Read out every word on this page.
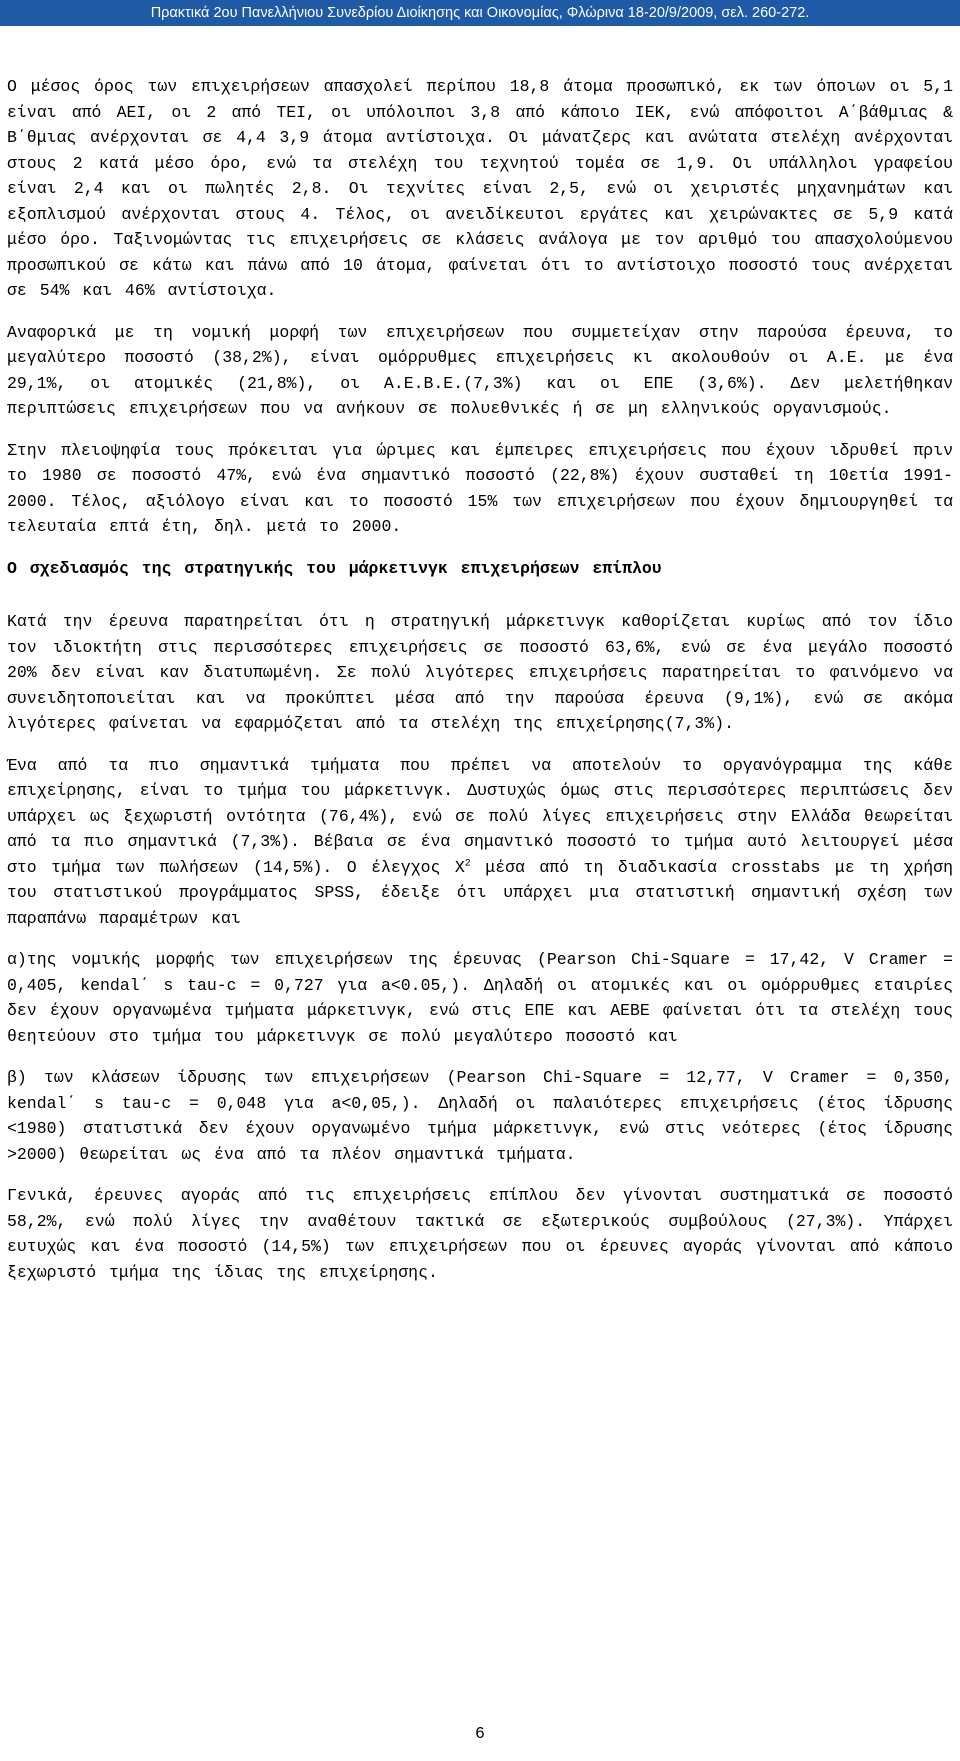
Πρακτικά 2ου Πανελλήνιου Συνεδρίου Διοίκησης και Οικονομίας, Φλώρινα 18-20/9/2009, σελ. 260-272.

Ο μέσος όρος των επιχειρήσεων απασχολεί περίπου 18,8 άτομα προσωπικό, εκ των όποιων οι 5,1 είναι από ΑΕΙ, οι 2 από ΤΕΙ, οι υπόλοιποι 3,8 από κάποιο ΙΕΚ, ενώ απόφοιτοι Α΄βάθμιας & Β΄θμιας ανέρχονται σε 4,4 3,9 άτομα αντίστοιχα. Οι μάνατζερς και ανώτατα στελέχη ανέρχονται στους 2 κατά μέσο όρο, ενώ τα στελέχη του τεχνητού τομέα σε 1,9. Οι υπάλληλοι γραφείου είναι 2,4 και οι πωλητές 2,8. Οι τεχνίτες είναι 2,5, ενώ οι χειριστές μηχανημάτων και εξοπλισμού ανέρχονται στους 4. Τέλος, οι ανειδίκευτοι εργάτες και χειρώνακτες σε 5,9 κατά μέσο όρο. Ταξινομώντας τις επιχειρήσεις σε κλάσεις ανάλογα με τον αριθμό του απασχολούμενου προσωπικού σε κάτω και πάνω από 10 άτομα, φαίνεται ότι το αντίστοιχο ποσοστό τους ανέρχεται σε 54% και 46% αντίστοιχα.

Αναφορικά με τη νομική μορφή των επιχειρήσεων που συμμετείχαν στην παρούσα έρευνα, το μεγαλύτερο ποσοστό (38,2%), είναι ομόρρυθμες επιχειρήσεις κι ακολουθούν οι Α.Ε. με ένα 29,1%, οι ατομικές (21,8%), οι Α.Ε.Β.Ε.(7,3%) και οι ΕΠΕ (3,6%). Δεν μελετήθηκαν περιπτώσεις επιχειρήσεων που να ανήκουν σε πολυεθνικές ή σε μη ελληνικούς οργανισμούς.

Στην πλειοψηφία τους πρόκειται για ώριμες και έμπειρες επιχειρήσεις που έχουν ιδρυθεί πριν το 1980 σε ποσοστό 47%, ενώ ένα σημαντικό ποσοστό (22,8%) έχουν συσταθεί τη 10ετία 1991-2000. Τέλος, αξιόλογο είναι και το ποσοστό 15% των επιχειρήσεων που έχουν δημιουργηθεί τα τελευταία επτά έτη, δηλ. μετά το 2000.

Ο σχεδιασμός της στρατηγικής του μάρκετινγκ επιχειρήσεων επίπλου

Κατά την έρευνα παρατηρείται ότι η στρατηγική μάρκετινγκ καθορίζεται κυρίως από τον ίδιο τον ιδιοκτήτη στις περισσότερες επιχειρήσεις σε ποσοστό 63,6%, ενώ σε ένα μεγάλο ποσοστό 20% δεν είναι καν διατυπωμένη. Σε πολύ λιγότερες επιχειρήσεις παρατηρείται το φαινόμενο να συνειδητοποιείται και να προκύπτει μέσα από την παρούσα έρευνα (9,1%), ενώ σε ακόμα λιγότερες φαίνεται να εφαρμόζεται από τα στελέχη της επιχείρησης(7,3%).

Ένα από τα πιο σημαντικά τμήματα που πρέπει να αποτελούν το οργανόγραμμα της κάθε επιχείρησης, είναι το τμήμα του μάρκετινγκ. Δυστυχώς όμως στις περισσότερες περιπτώσεις δεν υπάρχει ως ξεχωριστή οντότητα (76,4%), ενώ σε πολύ λίγες επιχειρήσεις στην Ελλάδα θεωρείται από τα πιο σημαντικά (7,3%). Βέβαια σε ένα σημαντικό ποσοστό το τμήμα αυτό λειτουργεί μέσα στο τμήμα των πωλήσεων (14,5%). Ο έλεγχος $X^2$ μέσα από τη διαδικασία crosstabs με τη χρήση του στατιστικού προγράμματος SPSS, έδειξε ότι υπάρχει μια στατιστική σημαντική σχέση των παραπάνω παραμέτρων και

α)της νομικής μορφής των επιχειρήσεων της έρευνας (Pearson Chi-Square = 17,42, V Cramer = 0,405, kendal΄ s tau-c = 0,727 για a<0.05,). Δηλαδή οι ατομικές και οι ομόρρυθμες εταιρίες δεν έχουν οργανωμένα τμήματα μάρκετινγκ, ενώ στις ΕΠΕ και ΑΕΒΕ φαίνεται ότι τα στελέχη τους θεητεύουν στο τμήμα του μάρκετινγκ σε πολύ μεγαλύτερο ποσοστό και

β) των κλάσεων ίδρυσης των επιχειρήσεων (Pearson Chi-Square = 12,77, V Cramer = 0,350, kendal΄ s tau-c = 0,048 για a<0,05,). Δηλαδή οι παλαιότερες επιχειρήσεις (έτος ίδρυσης <1980) στατιστικά δεν έχουν οργανωμένο τμήμα μάρκετινγκ, ενώ στις νεότερες (έτος ίδρυσης >2000) θεωρείται ως ένα από τα πλέον σημαντικά τμήματα.

Γενικά, έρευνες αγοράς από τις επιχειρήσεις επίπλου δεν γίνονται συστηματικά σε ποσοστό 58,2%, ενώ πολύ λίγες την αναθέτουν τακτικά σε εξωτερικούς συμβούλους (27,3%). Υπάρχει ευτυχώς και ένα ποσοστό (14,5%) των επιχειρήσεων που οι έρευνες αγοράς γίνονται από κάποιο ξεχωριστό τμήμα της ίδιας της επιχείρησης.

6
